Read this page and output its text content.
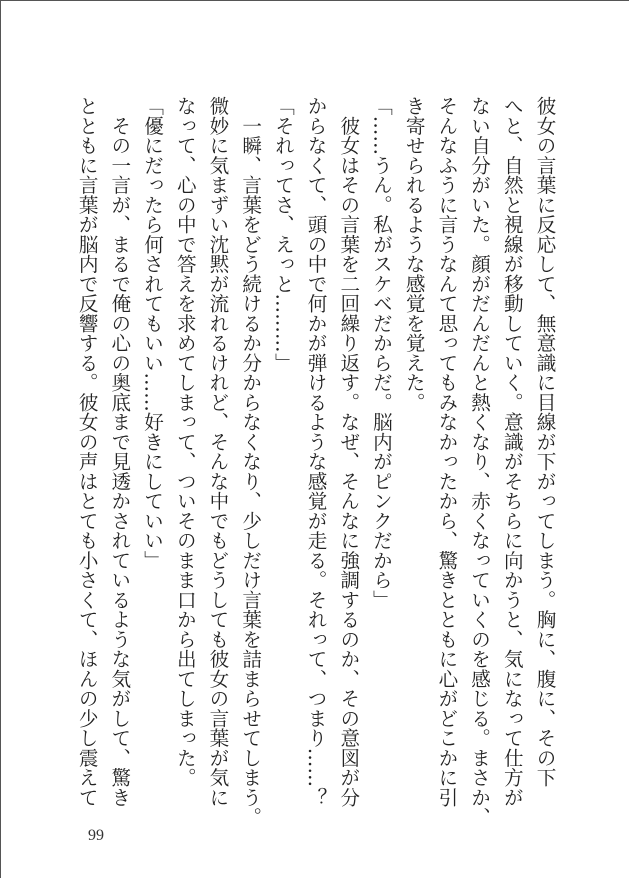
彼女の言葉に反応して、無意識に目線が下がってしまう。胸に、腹に、その下

へと、自然と視線が移動していく。意識がそちらに向かうと、気になって仕方が

ない自分がいた。顔がだんだんと熱くなり、赤くなっていくのを感じる。まさか、

そんなふうに言うなんて思ってもみなかったから、驚きとともに心がどこかに引

き寄せられるような感覚を覚えた。

「……うん。私がスケベだからだ。脳内がピンクだから」

　彼女はその言葉を二回繰り返す。なぜ、そんなに強調するのか、その意図が分

からなくて、頭の中で何かが弾けるような感覚が走る。それって、つまり……？

「それってさ、えっと………」

　一瞬、言葉をどう続けるか分からなくなり、少しだけ言葉を詰まらせてしまう。

微妙に気まずい沈黙が流れるけれど、そんな中でもどうしても彼女の言葉が気に

なって、心の中で答えを求めてしまって、ついそのまま口から出てしまった。

「優にだったら何されてもいい……好きにしていい」

　その一言が、まるで俺の心の奥底まで見透かされているような気がして、驚き

とともに言葉が脳内で反響する。彼女の声はとても小さくて、ほんの少し震えて

99
